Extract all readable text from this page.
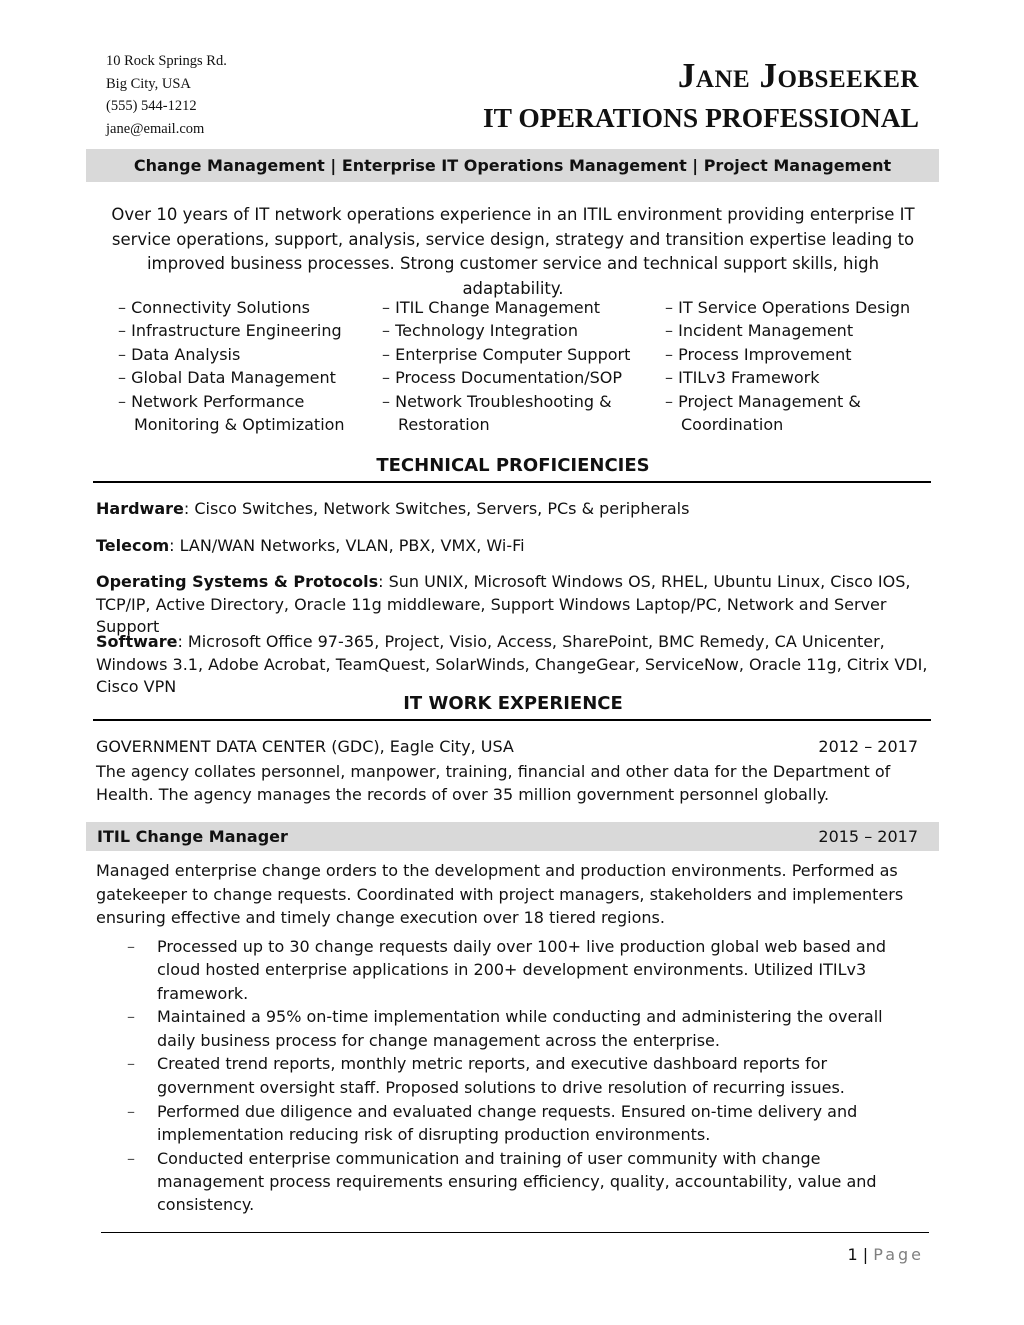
10 Rock Springs Rd.
Big City, USA
(555) 544-1212
jane@email.com
Jane Jobseeker
IT OPERATIONS PROFESSIONAL
Change Management | Enterprise IT Operations Management | Project Management
Over 10 years of IT network operations experience in an ITIL environment providing enterprise IT service operations, support, analysis, service design, strategy and transition expertise leading to improved business processes. Strong customer service and technical support skills, high adaptability.
– Connectivity Solutions
– Infrastructure Engineering
– Data Analysis
– Global Data Management
– Network Performance Monitoring & Optimization
– ITIL Change Management
– Technology Integration
– Enterprise Computer Support
– Process Documentation/SOP
– Network Troubleshooting & Restoration
– IT Service Operations Design
– Incident Management
– Process Improvement
– ITILv3 Framework
– Project Management & Coordination
TECHNICAL PROFICIENCIES
Hardware: Cisco Switches, Network Switches, Servers, PCs & peripherals
Telecom: LAN/WAN Networks, VLAN, PBX, VMX, Wi-Fi
Operating Systems & Protocols: Sun UNIX, Microsoft Windows OS, RHEL, Ubuntu Linux, Cisco IOS, TCP/IP, Active Directory, Oracle 11g middleware, Support Windows Laptop/PC, Network and Server Support
Software: Microsoft Office 97-365, Project, Visio, Access, SharePoint, BMC Remedy, CA Unicenter, Windows 3.1, Adobe Acrobat, TeamQuest, SolarWinds, ChangeGear, ServiceNow, Oracle 11g, Citrix VDI, Cisco VPN
IT WORK EXPERIENCE
GOVERNMENT DATA CENTER (GDC), Eagle City, USA	2012 – 2017
The agency collates personnel, manpower, training, financial and other data for the Department of Health. The agency manages the records of over 35 million government personnel globally.
ITIL Change Manager	2015 – 2017
Managed enterprise change orders to the development and production environments. Performed as gatekeeper to change requests. Coordinated with project managers, stakeholders and implementers ensuring effective and timely change execution over 18 tiered regions.
– Processed up to 30 change requests daily over 100+ live production global web based and cloud hosted enterprise applications in 200+ development environments. Utilized ITILv3 framework.
– Maintained a 95% on-time implementation while conducting and administering the overall daily business process for change management across the enterprise.
– Created trend reports, monthly metric reports, and executive dashboard reports for government oversight staff. Proposed solutions to drive resolution of recurring issues.
– Performed due diligence and evaluated change requests. Ensured on-time delivery and implementation reducing risk of disrupting production environments.
– Conducted enterprise communication and training of user community with change management process requirements ensuring efficiency, quality, accountability, value and consistency.
1 | Page
